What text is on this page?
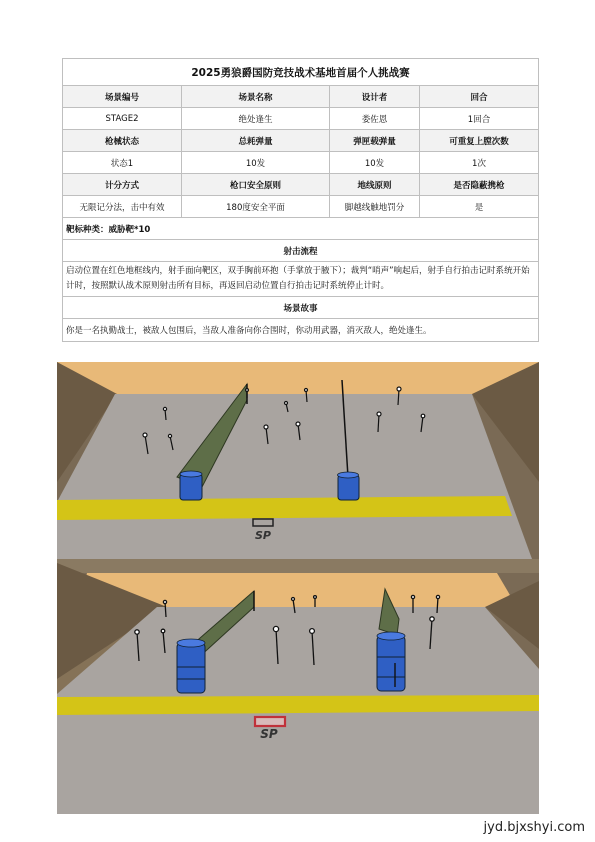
2025勇狼爵国防竞技战术基地首届个人挑战赛
场景编号	场景名称	设计者	回合
STAGE2	绝处逢生	娄佐恩	1回合
枪械状态	总耗弹量	弹匣载弹量	可重复上膛次数
状态1	10发	10发	1次
计分方式	枪口安全原则	地线原则	是否隐蔽携枪
无限记分法，击中有效	180度安全平面	脚越线触地罚分	是
靶标种类：威胁靶*10
射击流程
启动位置在红色地框线内，射手面向靶区，双手胸前环抱（手掌放于腋下）；裁判“哨声”响起后，射手自行拍击记时系统开始计时，按照默认战术原则射击所有目标，再返回启动位置自行拍击记时系统停止计时。
场景故事
你是一名执勤战士，被敌人包围后，当敌人准备向你合围时，你动用武器，消灭敌人，绝处逢生。
SP
SP
jyd.bjxshyi.com
